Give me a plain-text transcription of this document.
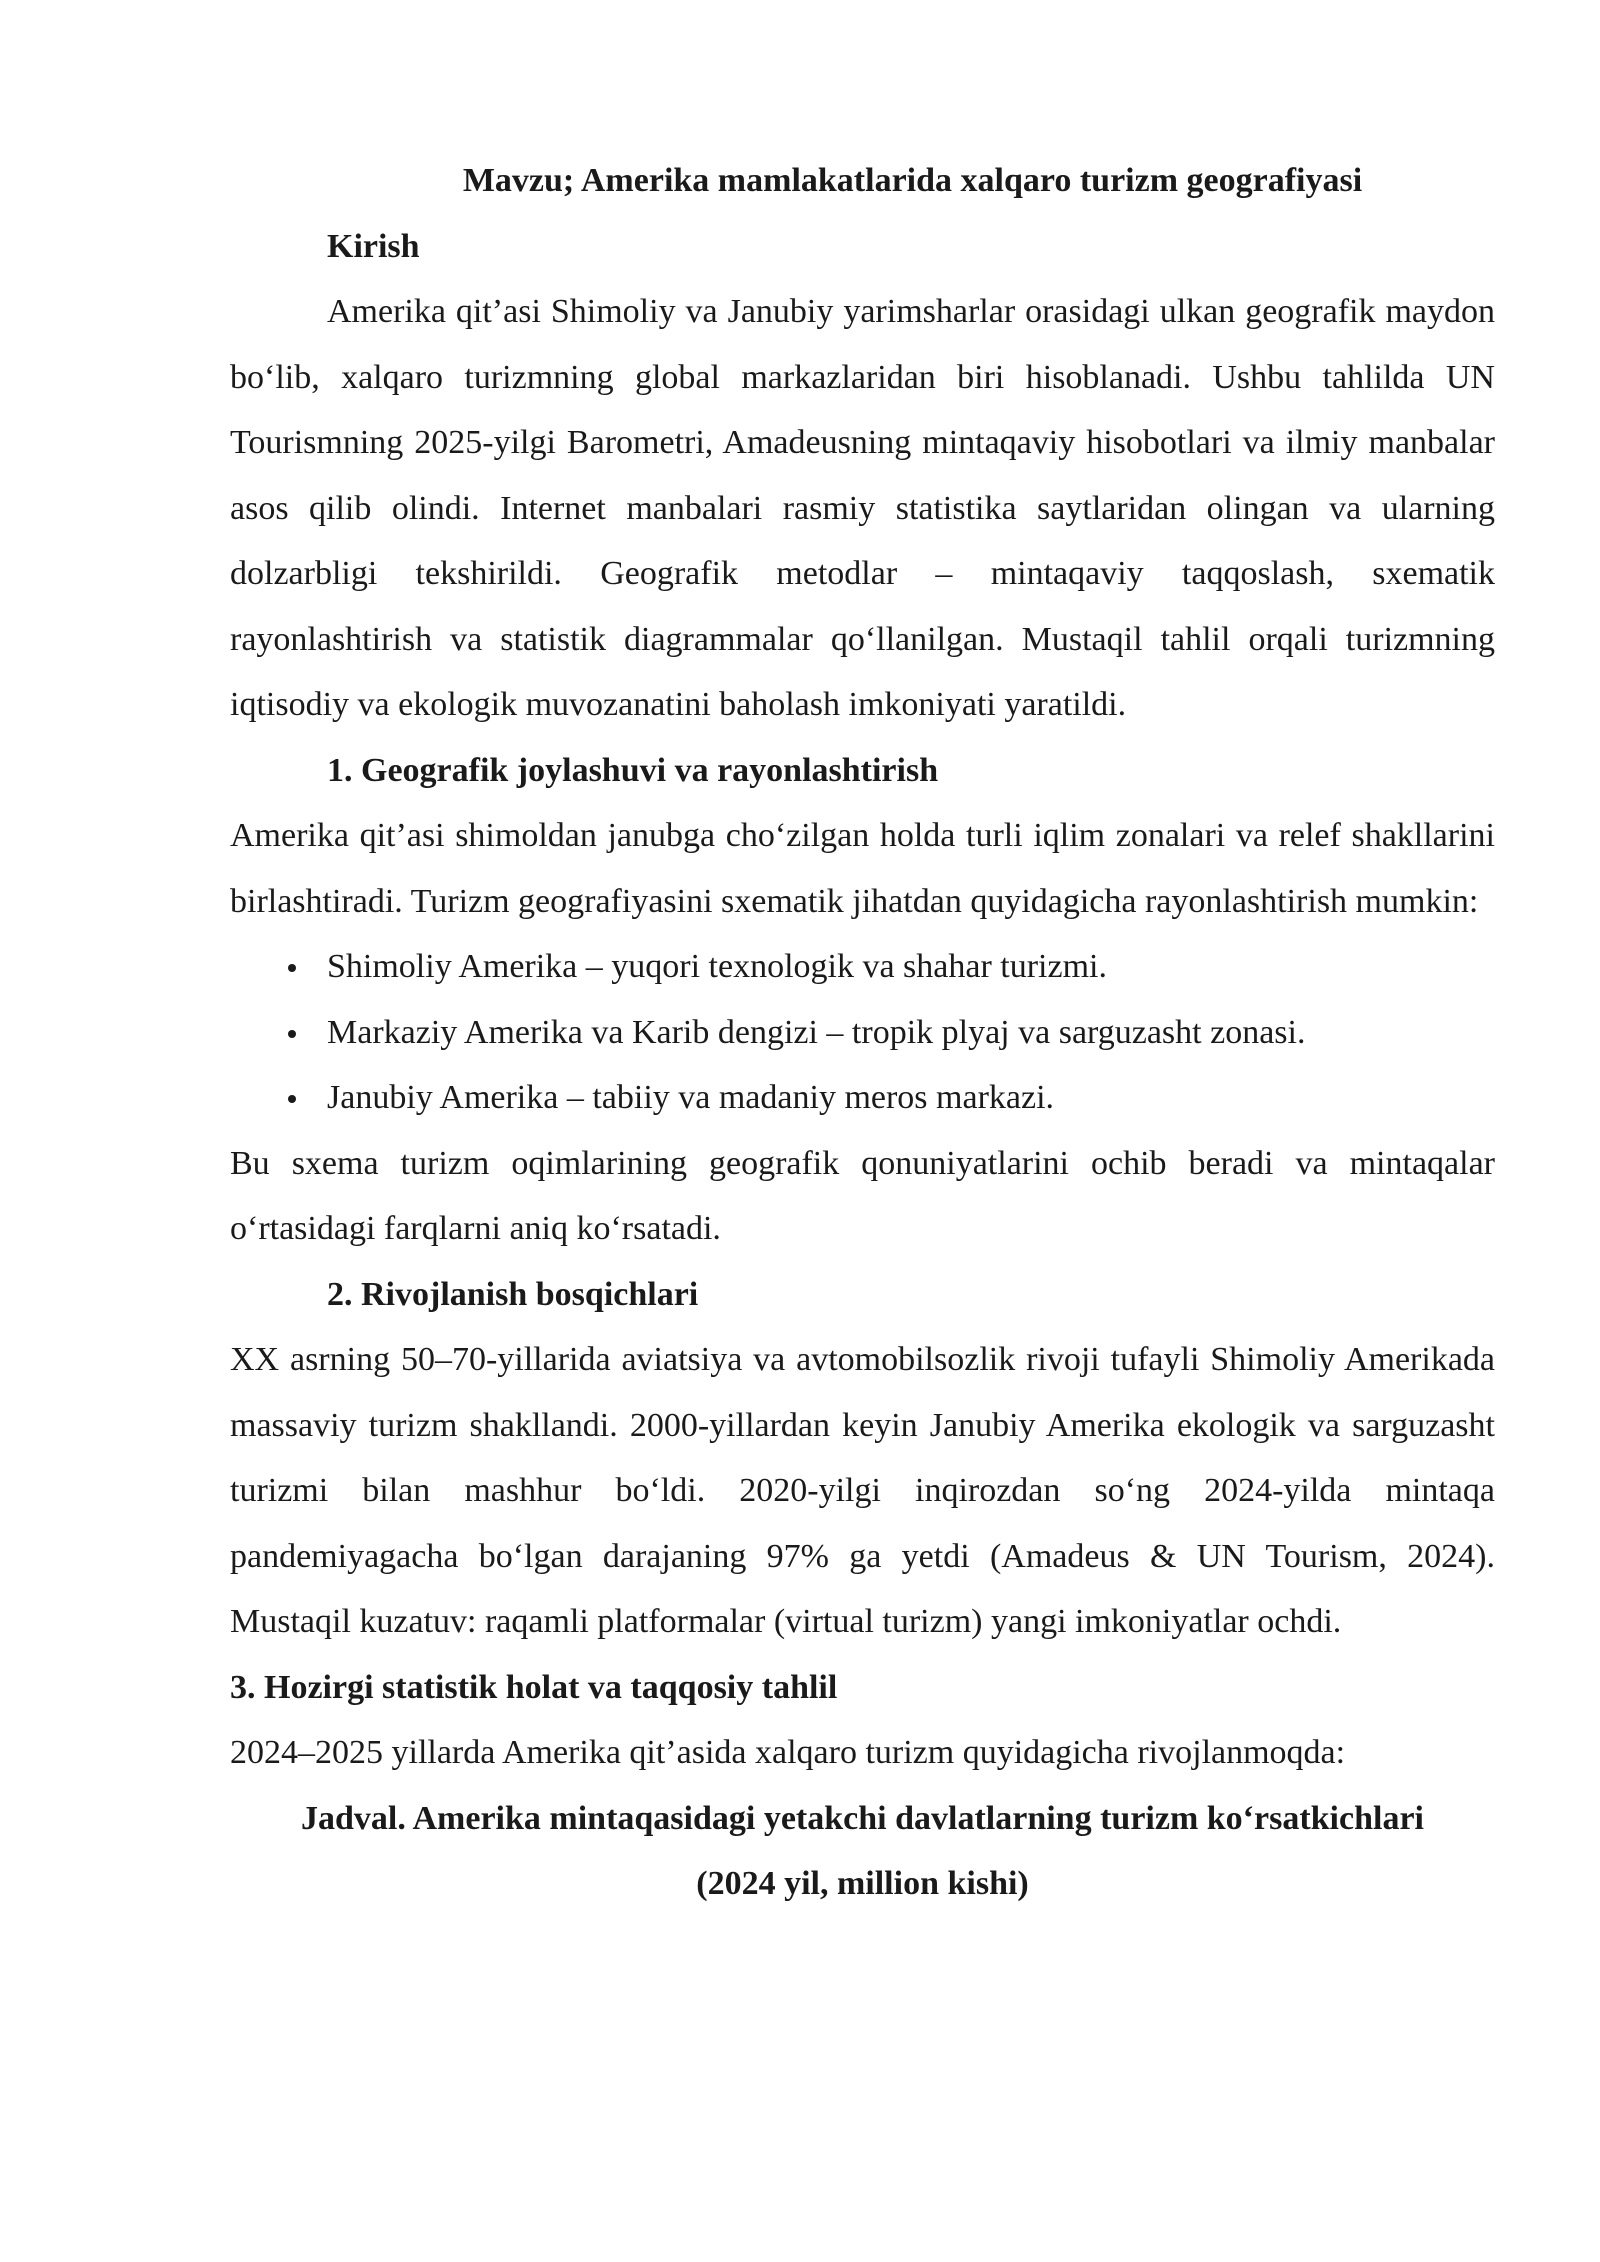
Mavzu; Amerika mamlakatlarida xalqaro turizm geografiyasi

Kirish

Amerika qit’asi Shimoliy va Janubiy yarimsharlar orasidagi ulkan geografik maydon bo‘lib, xalqaro turizmning global markazlaridan biri hisoblanadi. Ushbu tahlilda UN Tourismning 2025-yilgi Barometri, Amadeusning mintaqaviy hisobotlari va ilmiy manbalar asos qilib olindi. Internet manbalari rasmiy statistika saytlaridan olingan va ularning dolzarbligi tekshirildi. Geografik metodlar – mintaqaviy taqqoslash, sxematik rayonlashtirish va statistik diagrammalar qo‘llanilgan. Mustaqil tahlil orqali turizmning iqtisodiy va ekologik muvozanatini baholash imkoniyati yaratildi.

1. Geografik joylashuvi va rayonlashtirish

Amerika qit’asi shimoldan janubga cho‘zilgan holda turli iqlim zonalari va relef shakllarini birlashtiradi. Turizm geografiyasini sxematik jihatdan quyidagicha rayonlashtirish mumkin:

Shimoliy Amerika – yuqori texnologik va shahar turizmi.
Markaziy Amerika va Karib dengizi – tropik plyaj va sarguzasht zonasi.
Janubiy Amerika – tabiiy va madaniy meros markazi.

Bu sxema turizm oqimlarining geografik qonuniyatlarini ochib beradi va mintaqalar o‘rtasidagi farqlarni aniq ko‘rsatadi.

2. Rivojlanish bosqichlari

XX asrning 50–70-yillarida aviatsiya va avtomobilsozlik rivoji tufayli Shimoliy Amerikada massaviy turizm shakllandi. 2000-yillardan keyin Janubiy Amerika ekologik va sarguzasht turizmi bilan mashhur bo‘ldi. 2020-yilgi inqirozdan so‘ng 2024-yilda mintaqa pandemiyagacha bo‘lgan darajaning 97% ga yetdi (Amadeus & UN Tourism, 2024). Mustaqil kuzatuv: raqamli platformalar (virtual turizm) yangi imkoniyatlar ochdi.

3. Hozirgi statistik holat va taqqosiy tahlil

2024–2025 yillarda Amerika qit’asida xalqaro turizm quyidagicha rivojlanmoqda:

Jadval. Amerika mintaqasidagi yetakchi davlatlarning turizm ko‘rsatkichlari
(2024 yil, million kishi)
